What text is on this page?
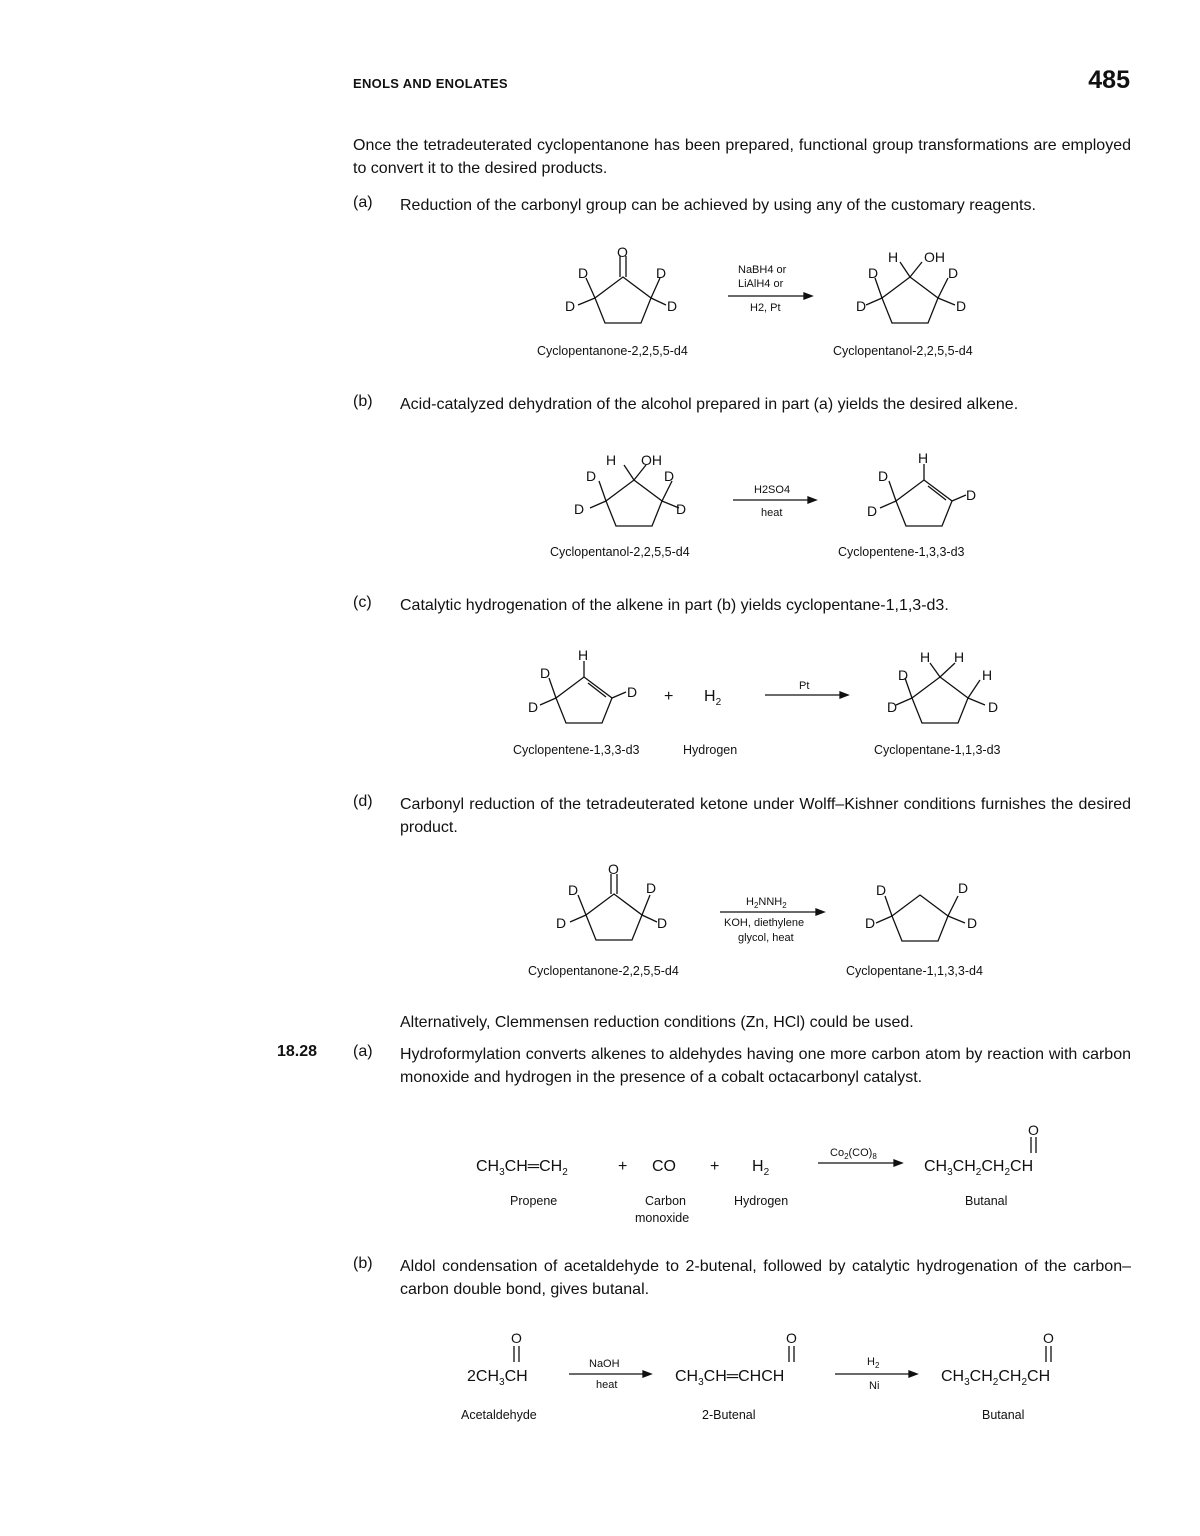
ENOLS AND ENOLATES	485
Once the tetradeuterated cyclopentanone has been prepared, functional group transformations are employed to convert it to the desired products.
(a)	Reduction of the carbonyl group can be achieved by using any of the customary reagents.
O
D	D
D	D
NaBH4 or
LiAlH4 or
H2, Pt
H OH
D	D
D	D
Cyclopentanone-2,2,5,5-d4	Cyclopentanol-2,2,5,5-d4
(b)	Acid-catalyzed dehydration of the alcohol prepared in part (a) yields the desired alkene.
H OH
D	D
D	D
H2SO4
heat
H
D
D
D
Cyclopentanol-2,2,5,5-d4	Cyclopentene-1,3,3-d3
(c)	Catalytic hydrogenation of the alkene in part (b) yields cyclopentane-1,1,3-d3.
H
D
D
$D + H_2$
Pt
H H
D	H
D	D
Cyclopentene-1,3,3-d3	Hydrogen	Cyclopentane-1,1,3-d3
(d)	Carbonyl reduction of the tetradeuterated ketone under Wolff–Kishner conditions furnishes the desired product.
O
D	D
D	D
$H_2NNH_2$
KOH, diethylene
glycol, heat
D	D
D	D
Cyclopentanone-2,2,5,5-d4	Cyclopentane-1,1,3,3-d4
Alternatively, Clemmensen reduction conditions (Zn, HCl) could be used.
18.28 (a)	Hydroformylation converts alkenes to aldehydes having one more carbon atom by reaction with carbon monoxide and hydrogen in the presence of a cobalt octacarbonyl catalyst.
$CH_3CH═CH_2$	+ CO + $H_2$
$Co_2(CO)_8$
$CH_3CH_2CH_2CH$
O
Propene	Carbon
monoxide
Hydrogen	Butanal
(b)	Aldol condensation of acetaldehyde to 2-butenal, followed by catalytic hydrogenation of the carbon–carbon double bond, gives butanal.
$2CH_3CH$
O
NaOH
heat	$CH_3CH═CHCH$
O
$H_2$
Ni
$CH_3CH_2CH_2CH$
O
Acetaldehyde	2-Butenal	Butanal
